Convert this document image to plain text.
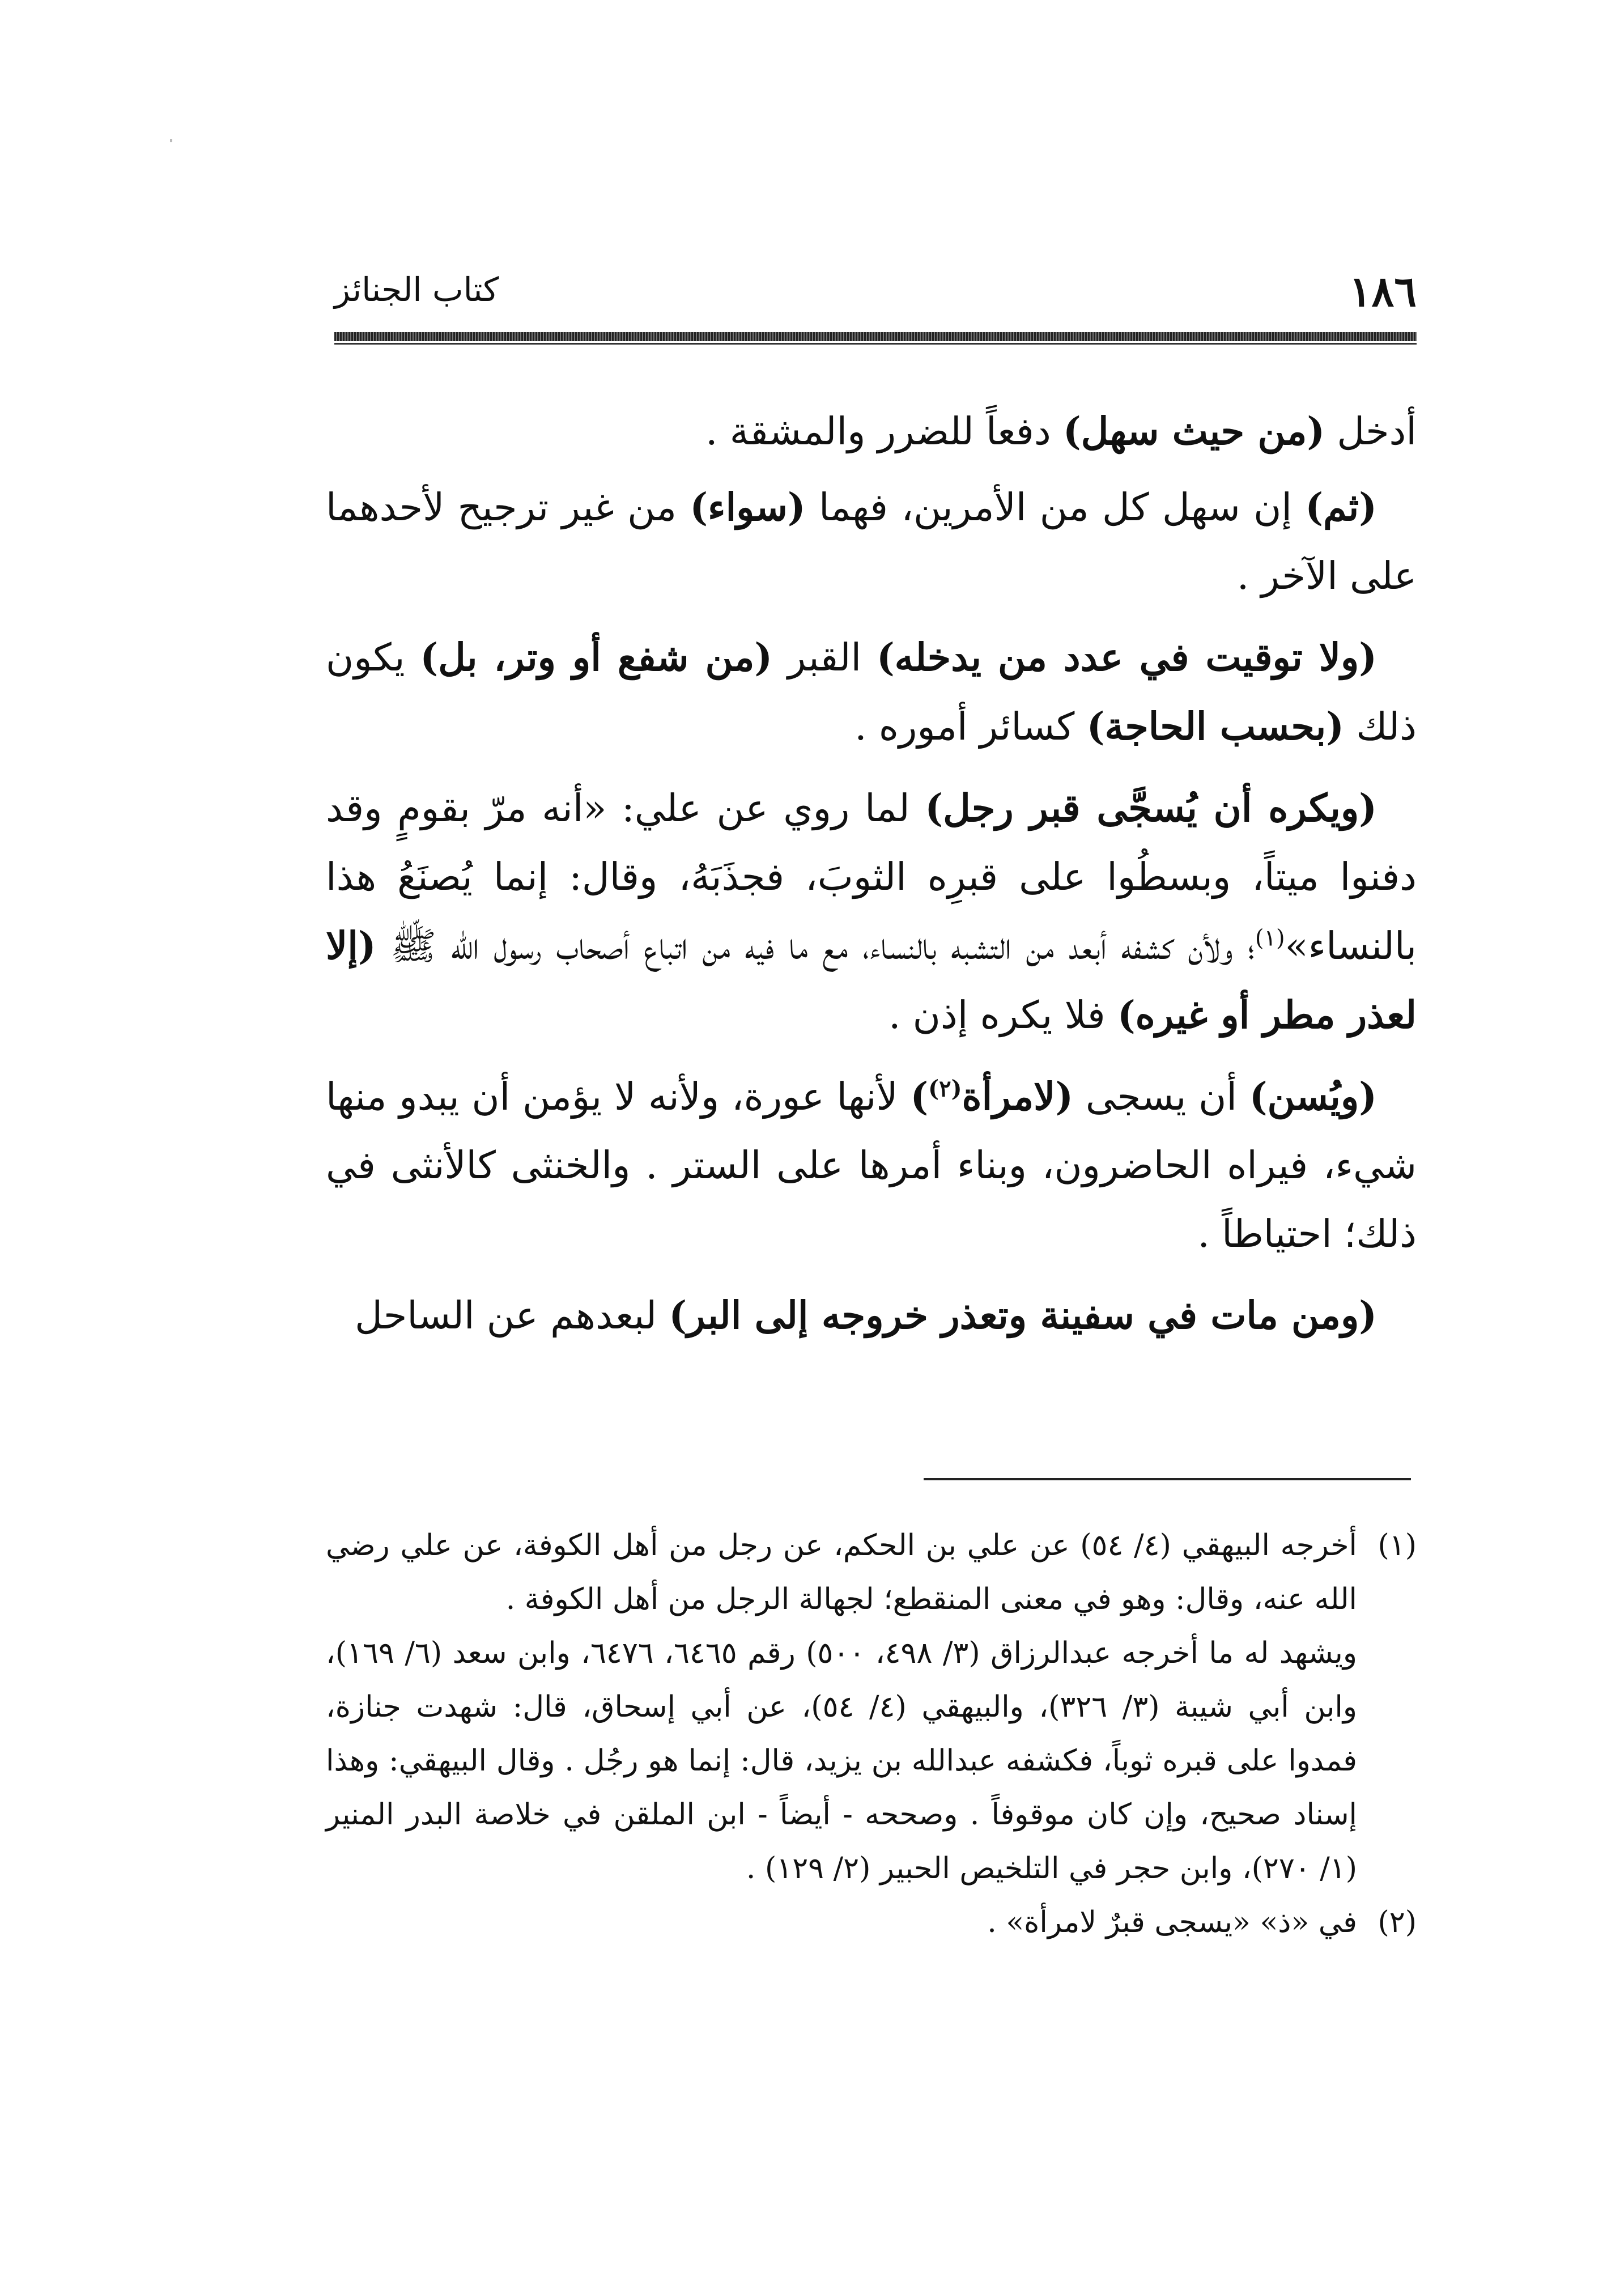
١٨٦
كتاب الجنائز

أدخل (من حيث سهل) دفعاً للضرر والمشقة .

(ثم) إن سهل كل من الأمرين، فهما (سواء) من غير ترجيح لأحدهما على الآخر .

(ولا توقيت في عدد من يدخله) القبر (من شفع أو وتر، بل) يكون ذلك (بحسب الحاجة) كسائر أموره .

(ويكره أن يُسجَّى قبر رجل) لما روي عن علي: «أنه مرّ بقومٍ وقد دفنوا ميتاً، وبسطُوا على قبرِه الثوبَ، فجذَبَهُ، وقال: إنما يُصنَعُ هذا بالنساء»$^{(١)}$؛ ولأن كشفه أبعد من التشبه بالنساء، مع ما فيه من اتباع أصحاب رسول الله ﷺ (إلا لعذر مطر أو غيره) فلا يكره إذن .

(ويُسن) أن يسجى (لامرأة$^{(٢)}$) لأنها عورة، ولأنه لا يؤمن أن يبدو منها شيء، فيراه الحاضرون، وبناء أمرها على الستر . والخنثى كالأنثى في ذلك؛ احتياطاً .

(ومن مات في سفينة وتعذر خروجه إلى البر) لبعدهم عن الساحل

(١)
أخرجه البيهقي (٤/ ٥٤) عن علي بن الحكم، عن رجل من أهل الكوفة، عن علي رضي الله عنه، وقال: وهو في معنى المنقطع؛ لجهالة الرجل من أهل الكوفة .

ويشهد له ما أخرجه عبدالرزاق (٣/ ٤٩٨، ٥٠٠) رقم ٦٤٦٥، ٦٤٧٦، وابن سعد (٦/ ١٦٩)، وابن أبي شيبة (٣/ ٣٢٦)، والبيهقي (٤/ ٥٤)، عن أبي إسحاق، قال: شهدت جنازة، فمدوا على قبره ثوباً، فكشفه عبدالله بن يزيد، قال: إنما هو رجُل . وقال البيهقي: وهذا إسناد صحيح، وإن كان موقوفاً . وصححه - أيضاً - ابن الملقن في خلاصة البدر المنير (١/ ٢٧٠)، وابن حجر في التلخيص الحبير (٢/ ١٢٩) .

(٢)
في «ذ» «يسجى قبرٌ لامرأة» .
